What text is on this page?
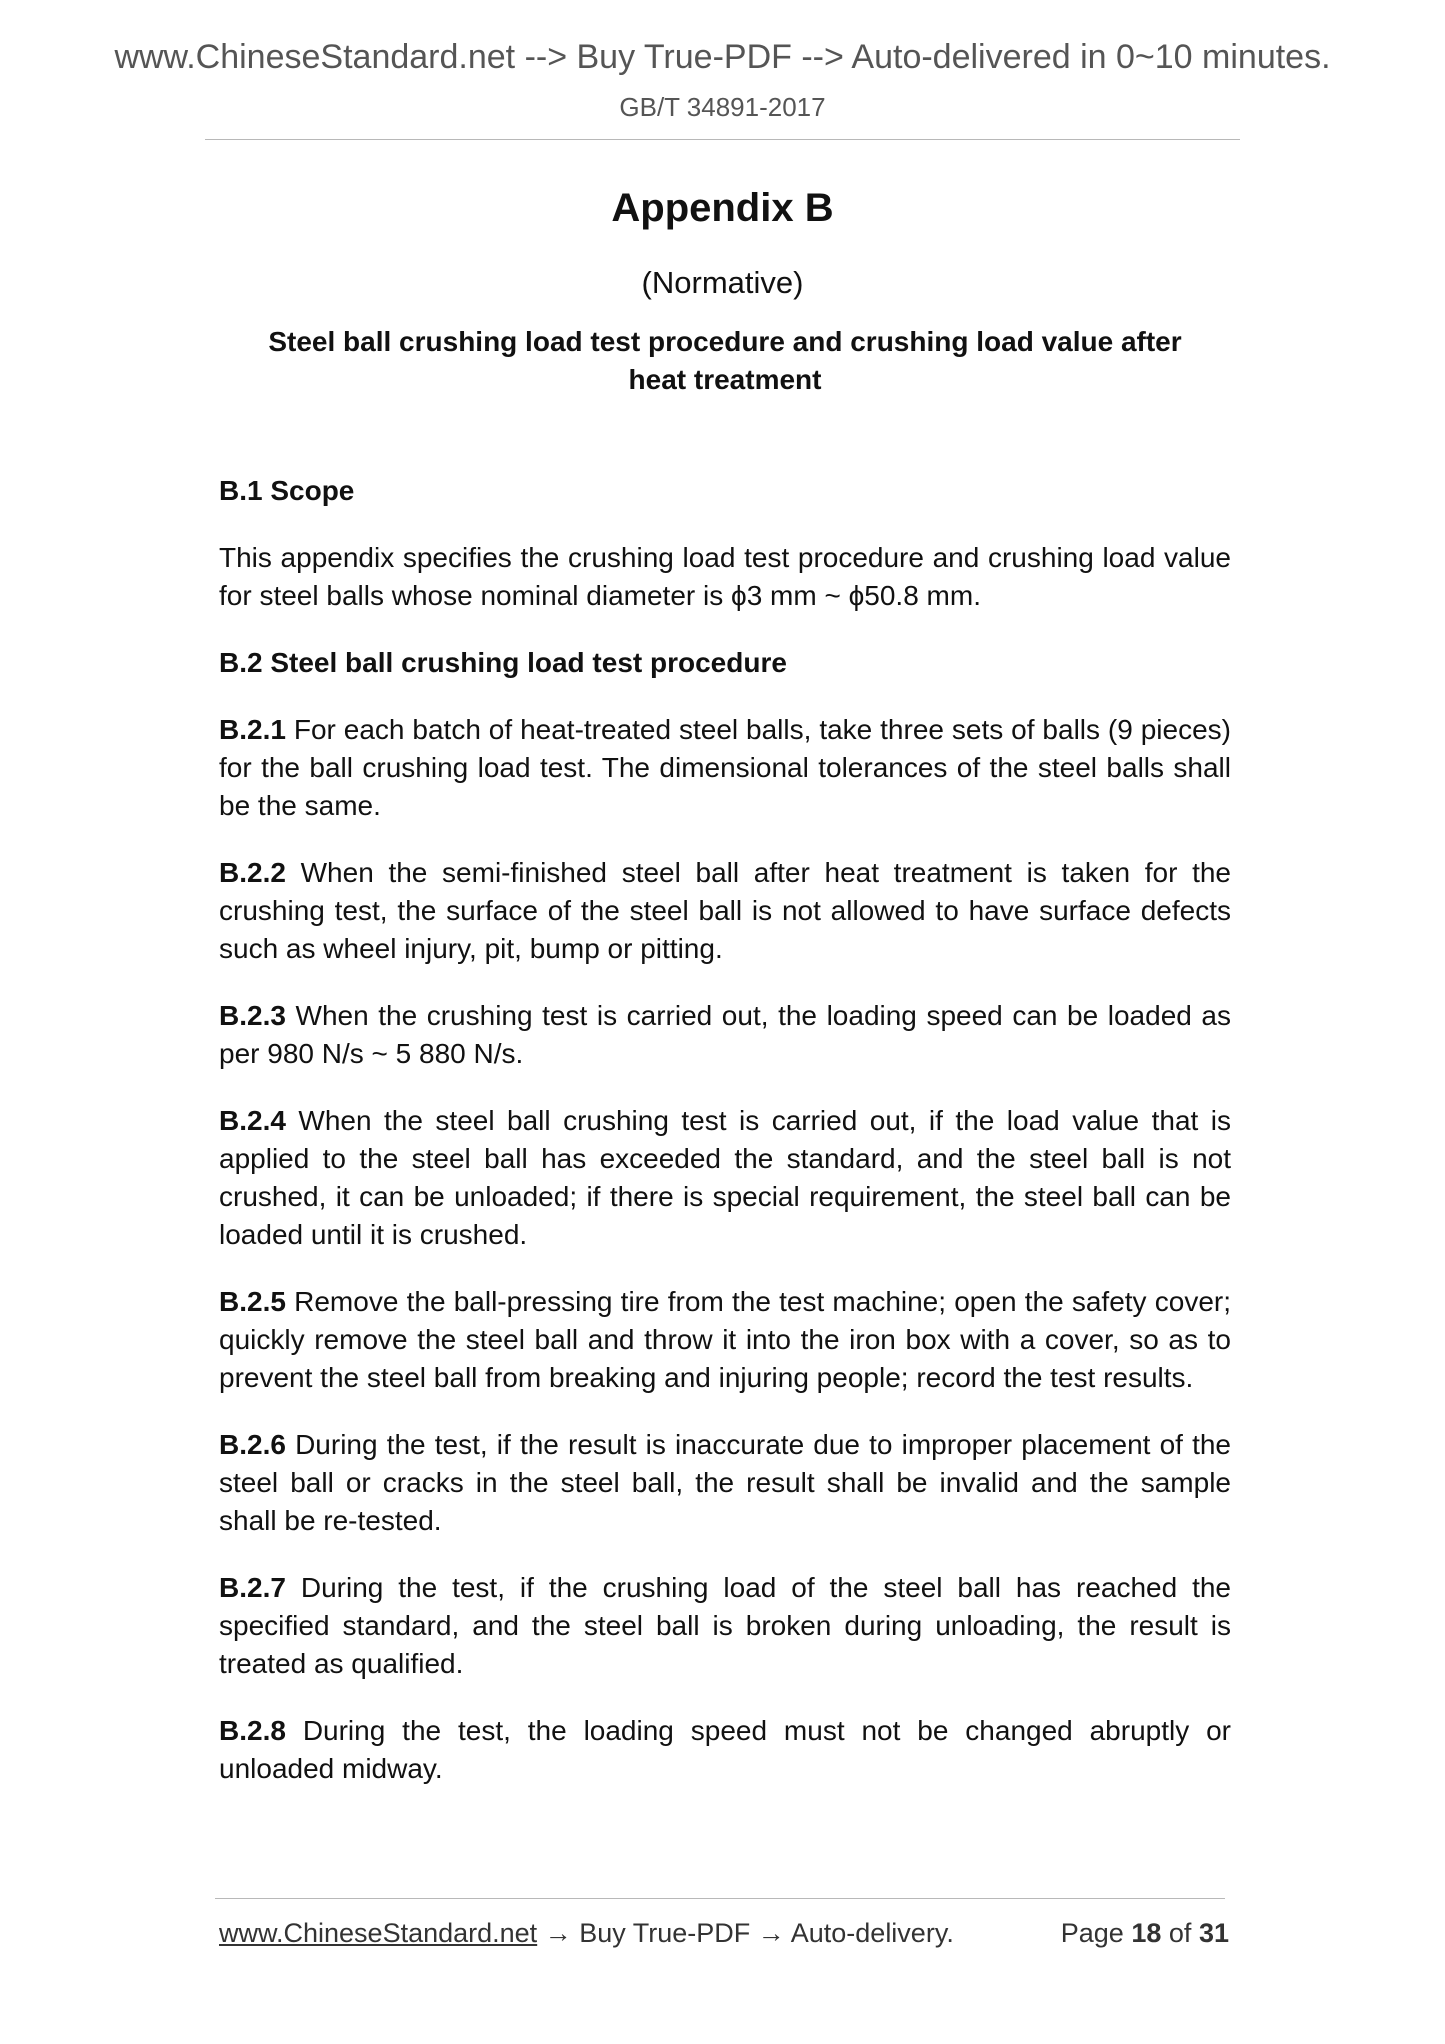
www.ChineseStandard.net --> Buy True-PDF --> Auto-delivered in 0~10 minutes.
GB/T 34891-2017
Appendix B
(Normative)
Steel ball crushing load test procedure and crushing load value after
heat treatment
B.1 Scope

This appendix specifies the crushing load test procedure and crushing load value for steel balls whose nominal diameter is ϕ3 mm ~ ϕ50.8 mm.

B.2 Steel ball crushing load test procedure

B.2.1 For each batch of heat-treated steel balls, take three sets of balls (9 pieces) for the ball crushing load test. The dimensional tolerances of the steel balls shall be the same.

B.2.2 When the semi-finished steel ball after heat treatment is taken for the crushing test, the surface of the steel ball is not allowed to have surface defects such as wheel injury, pit, bump or pitting.

B.2.3 When the crushing test is carried out, the loading speed can be loaded as per 980 N/s ~ 5 880 N/s.

B.2.4 When the steel ball crushing test is carried out, if the load value that is applied to the steel ball has exceeded the standard, and the steel ball is not crushed, it can be unloaded; if there is special requirement, the steel ball can be loaded until it is crushed.

B.2.5 Remove the ball-pressing tire from the test machine; open the safety cover; quickly remove the steel ball and throw it into the iron box with a cover, so as to prevent the steel ball from breaking and injuring people; record the test results.

B.2.6 During the test, if the result is inaccurate due to improper placement of the steel ball or cracks in the steel ball, the result shall be invalid and the sample shall be re-tested.

B.2.7 During the test, if the crushing load of the steel ball has reached the specified standard, and the steel ball is broken during unloading, the result is treated as qualified.

B.2.8 During the test, the loading speed must not be changed abruptly or unloaded midway.

www.ChineseStandard.net → Buy True-PDF → Auto-delivery.	Page 18 of 31
